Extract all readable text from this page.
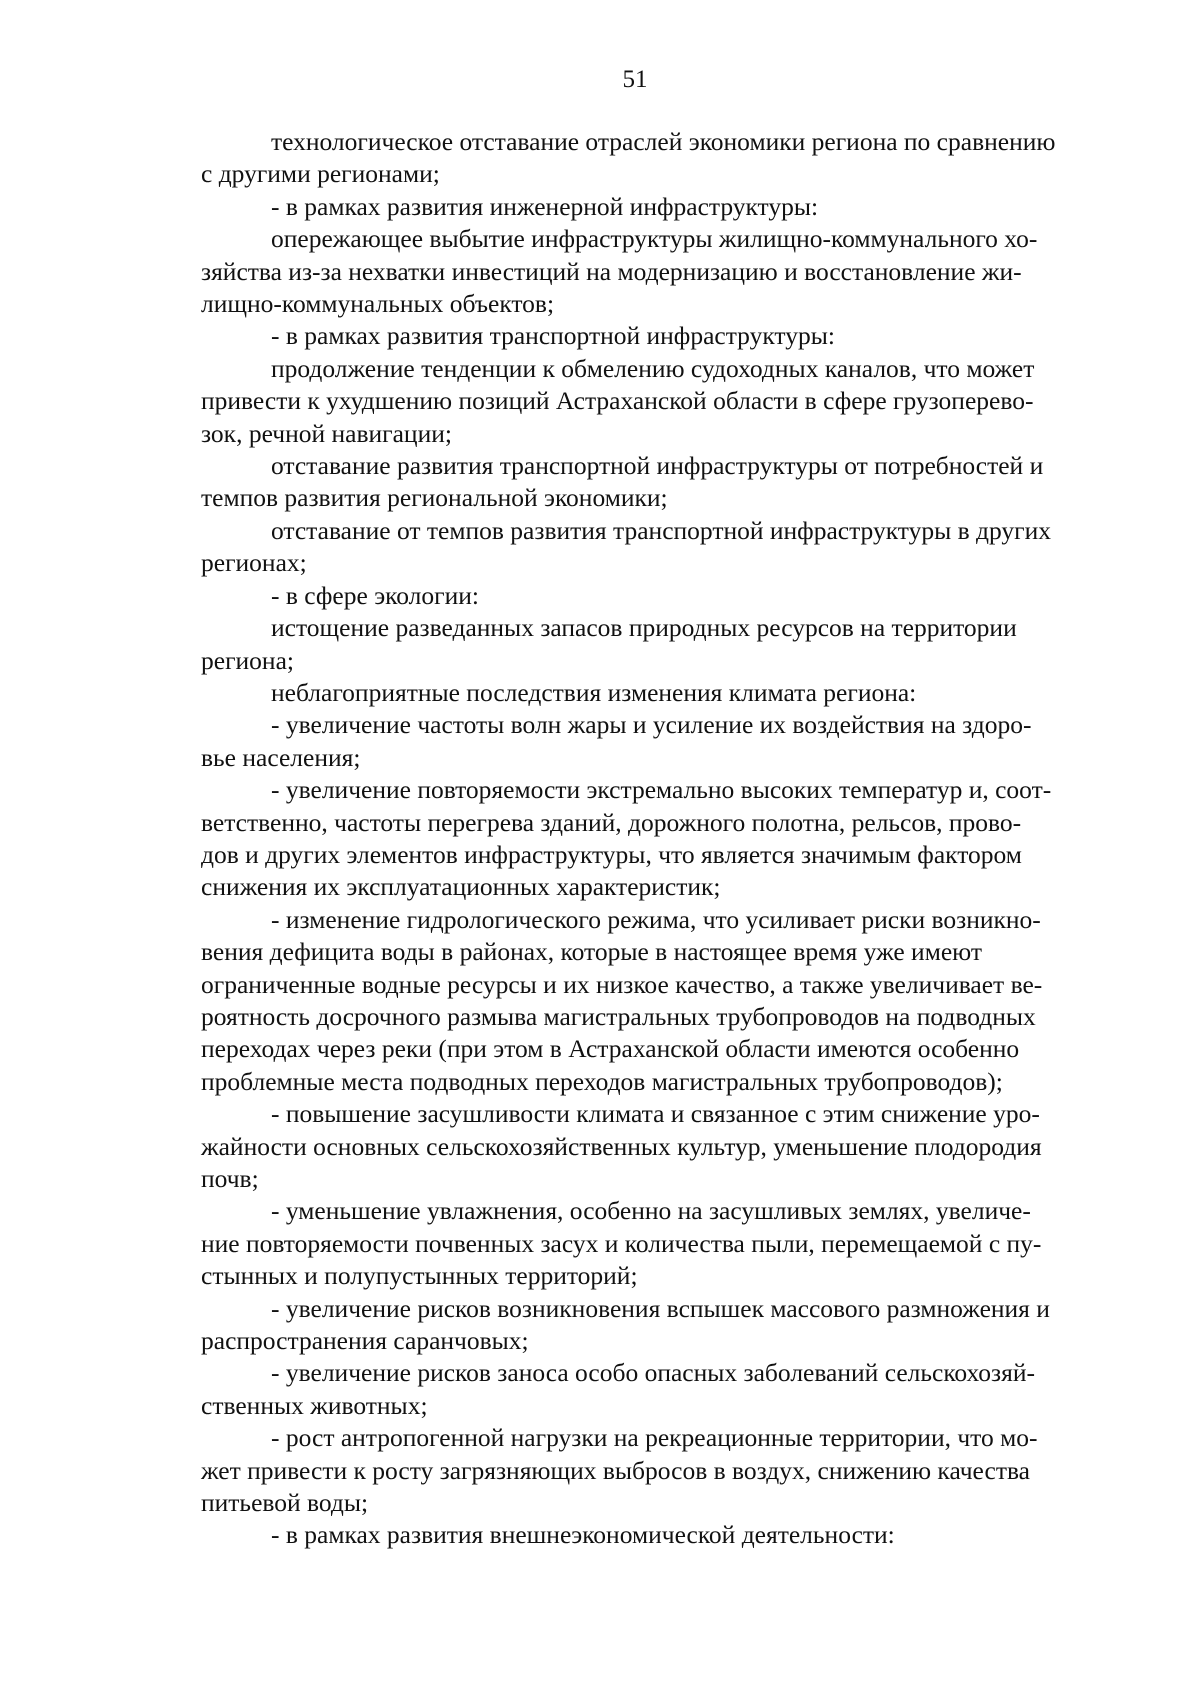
51

технологическое отставание отраслей экономики региона по сравнению
с другими регионами;

- в рамках развития инженерной инфраструктуры:

опережающее выбытие инфраструктуры жилищно-коммунального хо-
зяйства из-за нехватки инвестиций на модернизацию и восстановление жи-
лищно-коммунальных объектов;

- в рамках развития транспортной инфраструктуры:

продолжение тенденции к обмелению судоходных каналов, что может
привести к ухудшению позиций Астраханской области в сфере грузоперево-
зок, речной навигации;

отставание развития транспортной инфраструктуры от потребностей и
темпов развития региональной экономики;

отставание от темпов развития транспортной инфраструктуры в других
регионах;

- в сфере экологии:

истощение разведанных запасов природных ресурсов на территории
региона;

неблагоприятные последствия изменения климата региона:

- увеличение частоты волн жары и усиление их воздействия на здоро-
вье населения;

- увеличение повторяемости экстремально высоких температур и, соот-
ветственно, частоты перегрева зданий, дорожного полотна, рельсов, прово-
дов и других элементов инфраструктуры, что является значимым фактором
снижения их эксплуатационных характеристик;

- изменение гидрологического режима, что усиливает риски возникно-
вения дефицита воды в районах, которые в настоящее время уже имеют
ограниченные водные ресурсы и их низкое качество, а также увеличивает ве-
роятность досрочного размыва магистральных трубопроводов на подводных
переходах через реки (при этом в Астраханской области имеются особенно
проблемные места подводных переходов магистральных трубопроводов);

- повышение засушливости климата и связанное с этим снижение уро-
жайности основных сельскохозяйственных культур, уменьшение плодородия
почв;

- уменьшение увлажнения, особенно на засушливых землях, увеличе-
ние повторяемости почвенных засух и количества пыли, перемещаемой с пу-
стынных и полупустынных территорий;

- увеличение рисков возникновения вспышек массового размножения и
распространения саранчовых;

- увеличение рисков заноса особо опасных заболеваний сельскохозяй-
ственных животных;

- рост антропогенной нагрузки на рекреационные территории, что мо-
жет привести к росту загрязняющих выбросов в воздух, снижению качества
питьевой воды;

- в рамках развития внешнеэкономической деятельности:
